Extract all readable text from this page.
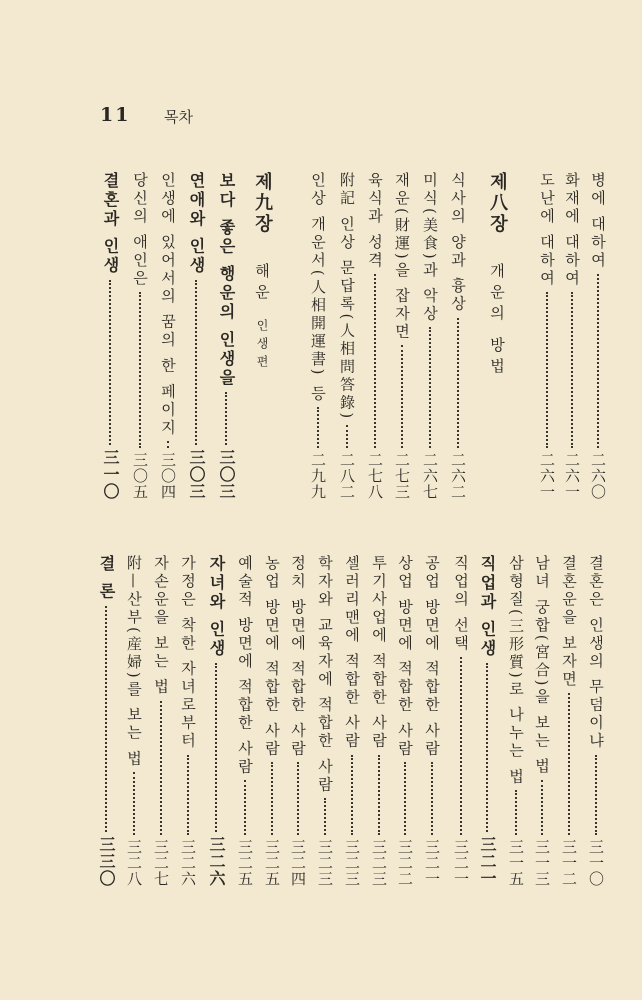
11 목차
병에 대하여
二六〇
화재에 대하여
二六一
도난에 대하여
二六一
제八장
개운의 방법
식사의 양과 흉상
二六二
미식(美食)과 악상
二六七
재운(財運)을 잡자면
二七三
육식과 성격
二七八
附記 인상 문답록(人相問答錄)
二八二
인상 개운서(人相開運書) 등
二九九
제九장
해운
인생편
보다 좋은 행운의 인생을
三〇三
연애와 인생
三〇三
인생에 있어서의 꿈의 한 페이지
三〇四
당신의 애인은
三〇五
결혼과 인생
三一〇
결혼은 인생의 무덤이냐
三一〇
결혼운을 보자면
三一二
남녀 궁합(宮合)을 보는 법
三一三
삼형질(三形質)로 나누는 법
三一五
직업과 인생
三二一
직업의 선택
三二一
공업 방면에 적합한 사람
三二一
상업 방면에 적합한 사람
三二二
투기사업에 적합한 사람
三二三
셀러리맨에 적합한 사람
三二三
학자와 교육자에 적합한 사람
三二三
정치 방면에 적합한 사람
三二四
농업 방면에 적합한 사람
三二五
예술적 방면에 적합한 사람
三二五
자녀와 인생
三二六
가정은 착한 자녀로부터
三二六
자손운을 보는 법
三二七
附—산부(産婦)를 보는 법
三二八
결 론
三三〇
